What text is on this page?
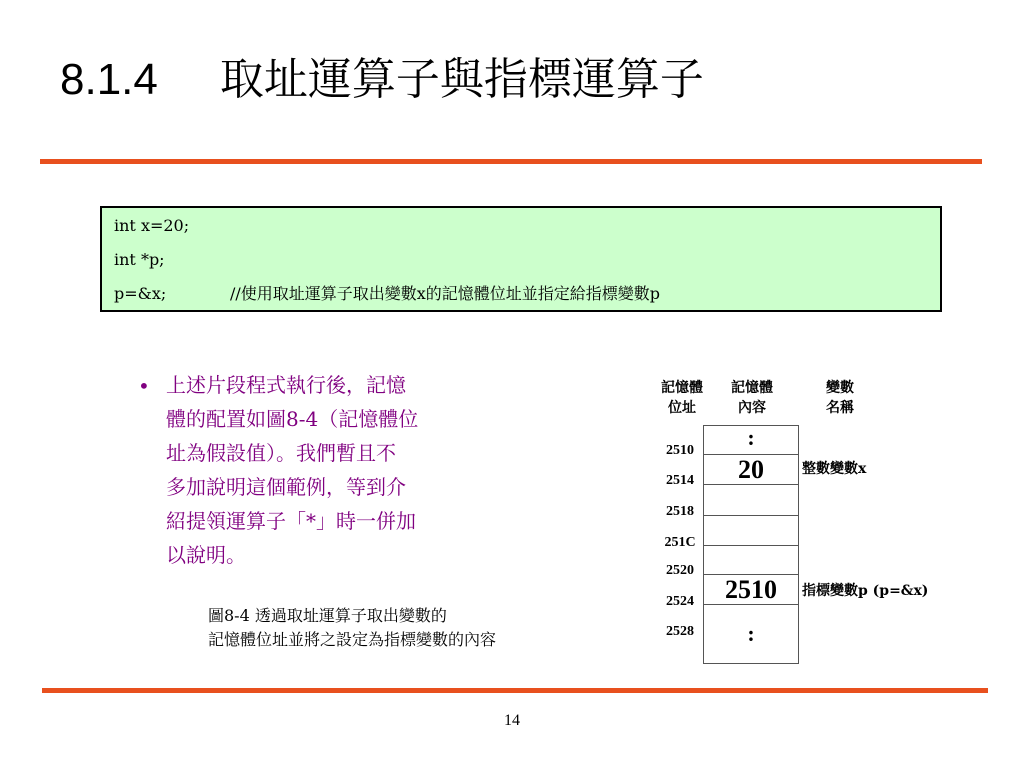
8.1.4 取址運算子與指標運算子
int x=20;
int *p;
p=&x;	//使用取址運算子取出變數x的記憶體位址並指定給指標變數p
• 上述片段程式執行後，記憶
體的配置如圖8-4（記憶體位
址為假設值）。我們暫且不
多加說明這個範例，等到介
紹提領運算子「*」時一併加
以說明。
記憶體
位址
記憶體
內容
變數
名稱
2510
2514
2518
251C
2520
2524
2528
:
20
2510
:
整數變數x
指標變數p (p=&x)
圖8-4 透過取址運算子取出變數的
記憶體位址並將之設定為指標變數的內容
14
